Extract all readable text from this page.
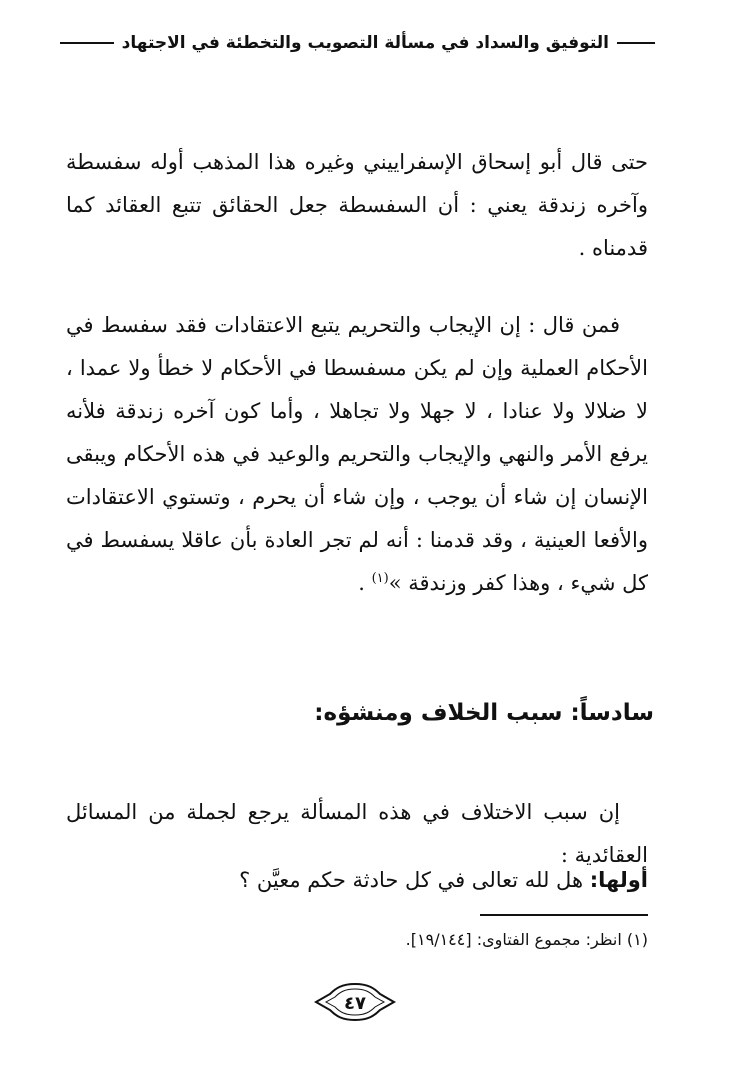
التوفيق والسداد في مسألة التصويب والتخطئة في الاجتهاد

حتى قال أبو إسحاق الإسفراييني وغيره هذا المذهب أوله سفسطة وآخره زندقة يعني : أن السفسطة جعل الحقائق تتبع العقائد كما قدمناه .

فمن قال : إن الإيجاب والتحريم يتبع الاعتقادات فقد سفسط في الأحكام العملية وإن لم يكن مسفسطا في الأحكام لا خطأ ولا عمدا ، لا ضلالا ولا عنادا ، لا جهلا ولا تجاهلا ، وأما كون آخره زندقة فلأنه يرفع الأمر والنهي والإيجاب والتحريم والوعيد في هذه الأحكام ويبقى الإنسان إن شاء أن يوجب ، وإن شاء أن يحرم ، وتستوي الاعتقادات والأفعا العينية ، وقد قدمنا : أنه لم تجر العادة بأن عاقلا يسفسط في كل شيء ، وهذا كفر وزندقة »$^{(١)}$ .

سادساً: سبب الخلاف ومنشؤه:

إن سبب الاختلاف في هذه المسألة يرجع لجملة من المسائل العقائدية :

أولها: هل لله تعالى في كل حادثة حكم معيَّن ؟
(١) انظر: مجموع الفتاوى: [١٩/١٤٤].
٤٧
